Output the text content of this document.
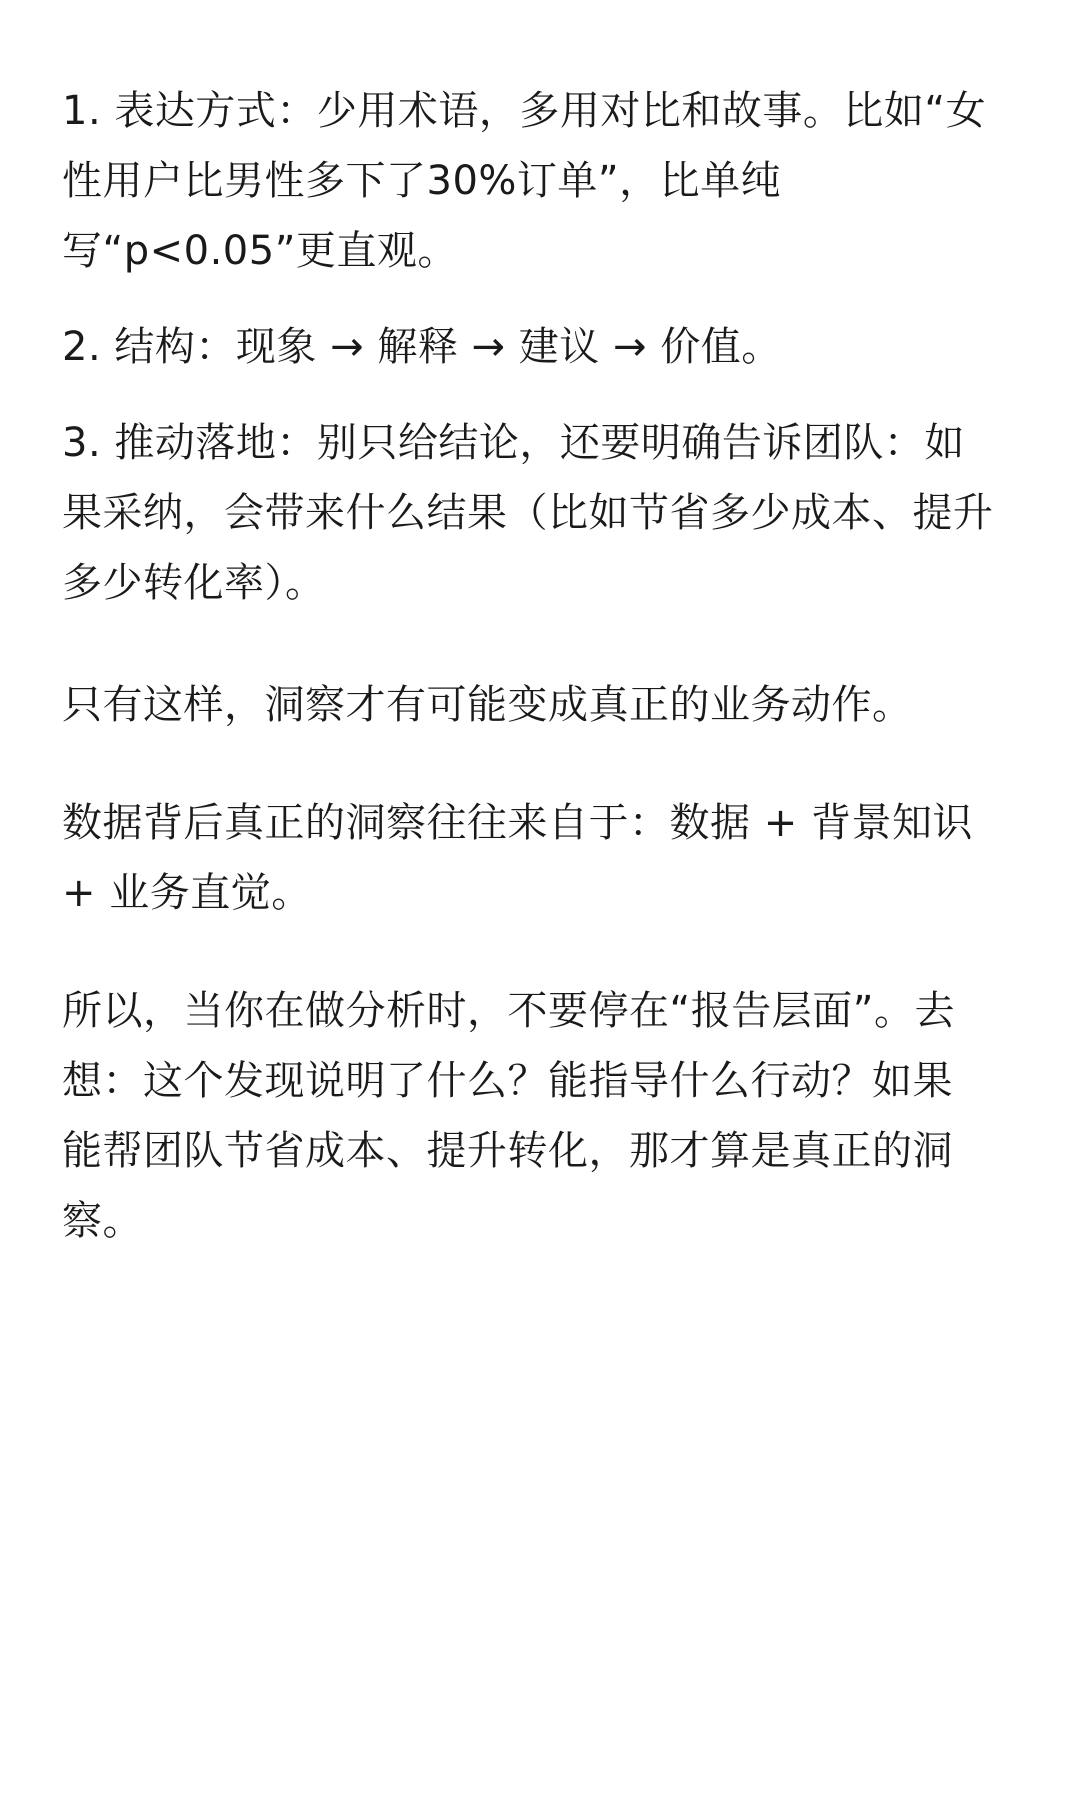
1. 表达方式：少用术语，多用对比和故事。比如“女
性用户比男性多下了30%订单”，比单纯
写“p<0.05”更直观。

2. 结构：现象 → 解释 → 建议 → 价值。

3. 推动落地：别只给结论，还要明确告诉团队：如
果采纳，会带来什么结果（比如节省多少成本、提升
多少转化率）。

只有这样，洞察才有可能变成真正的业务动作。

数据背后真正的洞察往往来自于：数据 + 背景知识
+ 业务直觉。

所以，当你在做分析时，不要停在“报告层面”。去
想：这个发现说明了什么？能指导什么行动？如果
能帮团队节省成本、提升转化，那才算是真正的洞
察。
